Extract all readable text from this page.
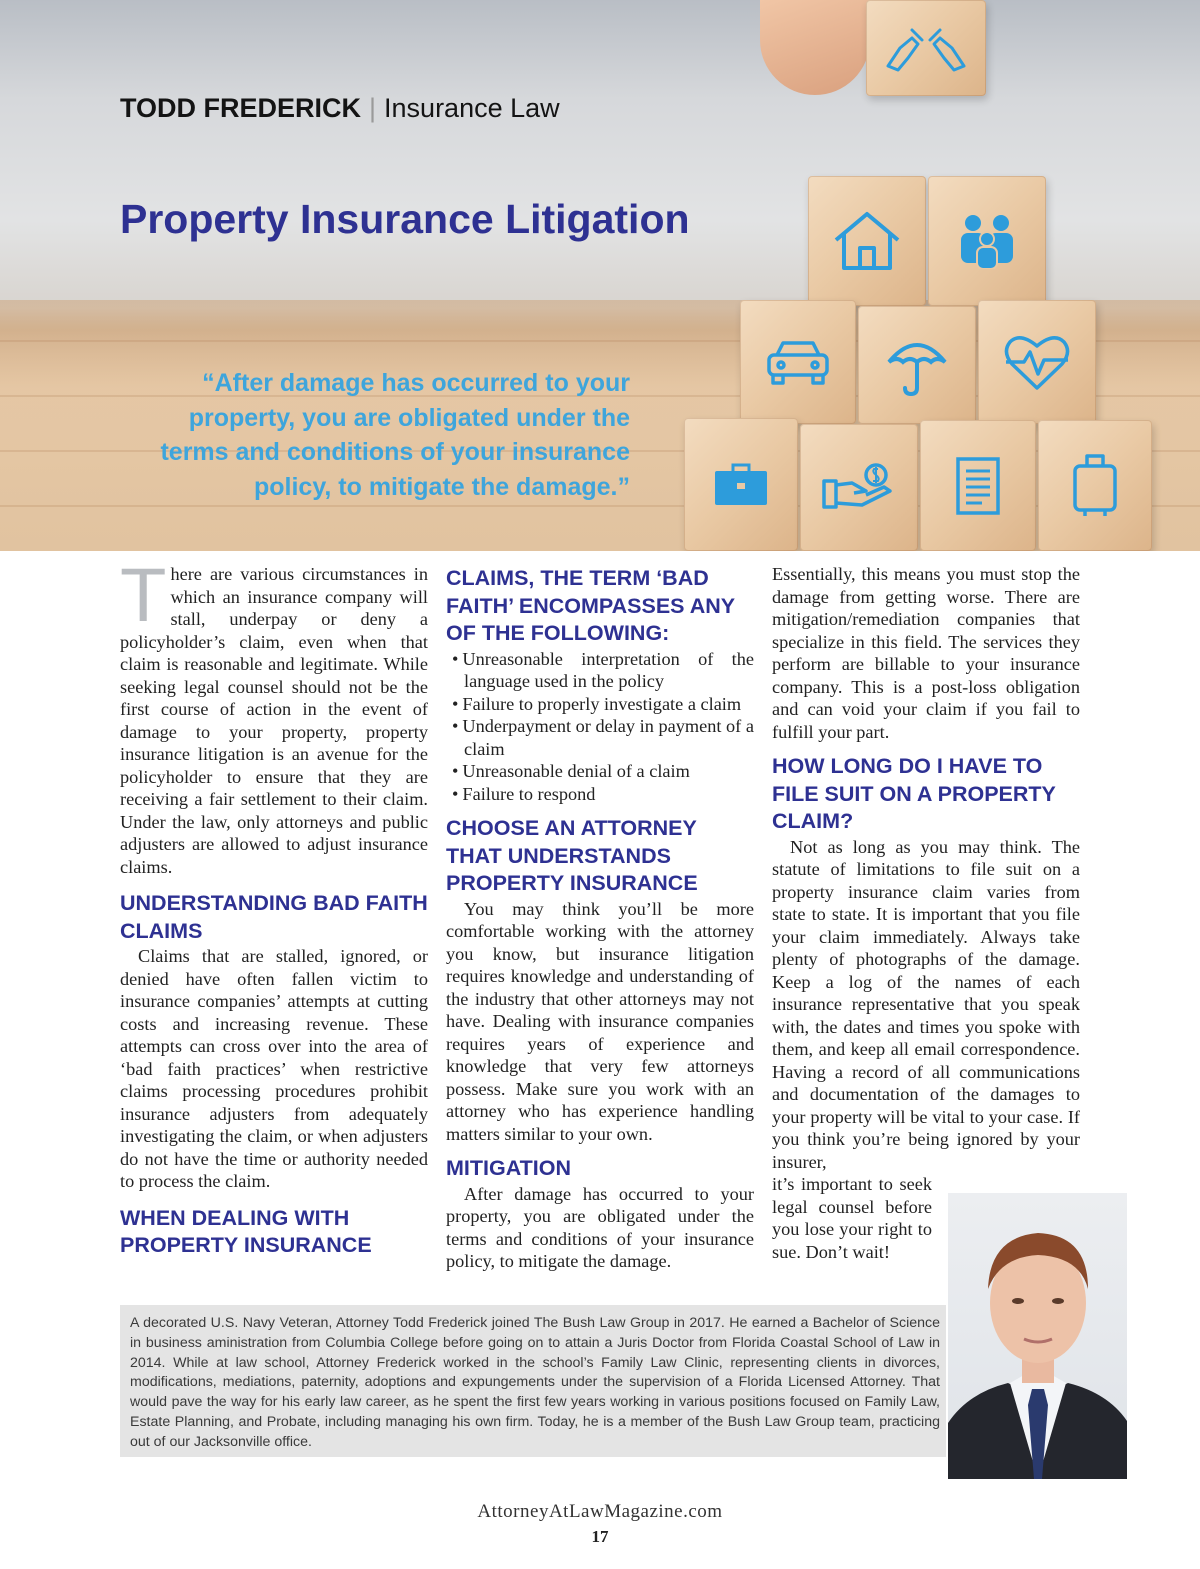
TODD FREDERICK | Insurance Law
Property Insurance Litigation
“After damage has occurred to your property, you are obligated under the terms and conditions of your insurance policy, to mitigate the damage.”

There are various circumstances in which an insurance company will stall, underpay or deny a policyholder’s claim, even when that claim is reasonable and legitimate. While seeking legal counsel should not be the first course of action in the event of damage to your property, property insurance litigation is an avenue for the policyholder to ensure that they are receiving a fair settlement to their claim. Under the law, only attorneys and public adjusters are allowed to adjust insurance claims.

UNDERSTANDING BAD FAITH CLAIMS

Claims that are stalled, ignored, or denied have often fallen victim to insurance companies’ attempts at cutting costs and increasing revenue. These attempts can cross over into the area of ‘bad faith practices’ when restrictive claims processing procedures prohibit insurance adjusters from adequately investigating the claim, or when adjusters do not have the time or authority needed to process the claim.

WHEN DEALING WITH PROPERTY INSURANCE
CLAIMS, THE TERM ‘BAD FAITH’ ENCOMPASSES ANY OF THE FOLLOWING:
• Unreasonable interpretation of the language used in the policy
• Failure to properly investigate a claim
• Underpayment or delay in payment of a claim
• Unreasonable denial of a claim
• Failure to respond
CHOOSE AN ATTORNEY THAT UNDERSTANDS PROPERTY INSURANCE

You may think you’ll be more comfortable working with the attorney you know, but insurance litigation requires knowledge and understanding of the industry that other attorneys may not have. Dealing with insurance companies requires years of experience and knowledge that very few attorneys possess. Make sure you work with an attorney who has experience handling matters similar to your own.

MITIGATION

After damage has occurred to your property, you are obligated under the terms and conditions of your insurance policy, to mitigate the damage.

Essentially, this means you must stop the damage from getting worse. There are mitigation/remediation companies that specialize in this field. The services they perform are billable to your insurance company. This is a post-loss obligation and can void your claim if you fail to fulfill your part.

HOW LONG DO I HAVE TO FILE SUIT ON A PROPERTY CLAIM?

Not as long as you may think. The statute of limitations to file suit on a property insurance claim varies from state to state. It is important that you file your claim immediately. Always take plenty of photographs of the damage. Keep a log of the names of each insurance representative that you speak with, the dates and times you spoke with them, and keep all email correspondence. Having a record of all communications and documentation of the damages to your property will be vital to your case. If you think you’re being ignored by your insurer,

it’s important to seek legal counsel before you lose your right to sue. Don’t wait!

A decorated U.S. Navy Veteran, Attorney Todd Frederick joined The Bush Law Group in 2017. He earned a Bachelor of Science in business aministration from Columbia College before going on to attain a Juris Doctor from Florida Coastal School of Law in 2014. While at law school, Attorney Frederick worked in the school’s Family Law Clinic, representing clients in divorces, modifications, mediations, paternity, adoptions and expungements under the supervision of a Florida Licensed Attorney. That would pave the way for his early law career, as he spent the first few years working in various positions focused on Family Law, Estate Planning, and Probate, including managing his own firm. Today, he is a member of the Bush Law Group team, practicing out of our Jacksonville office.

AttorneyAtLawMagazine.com
17
